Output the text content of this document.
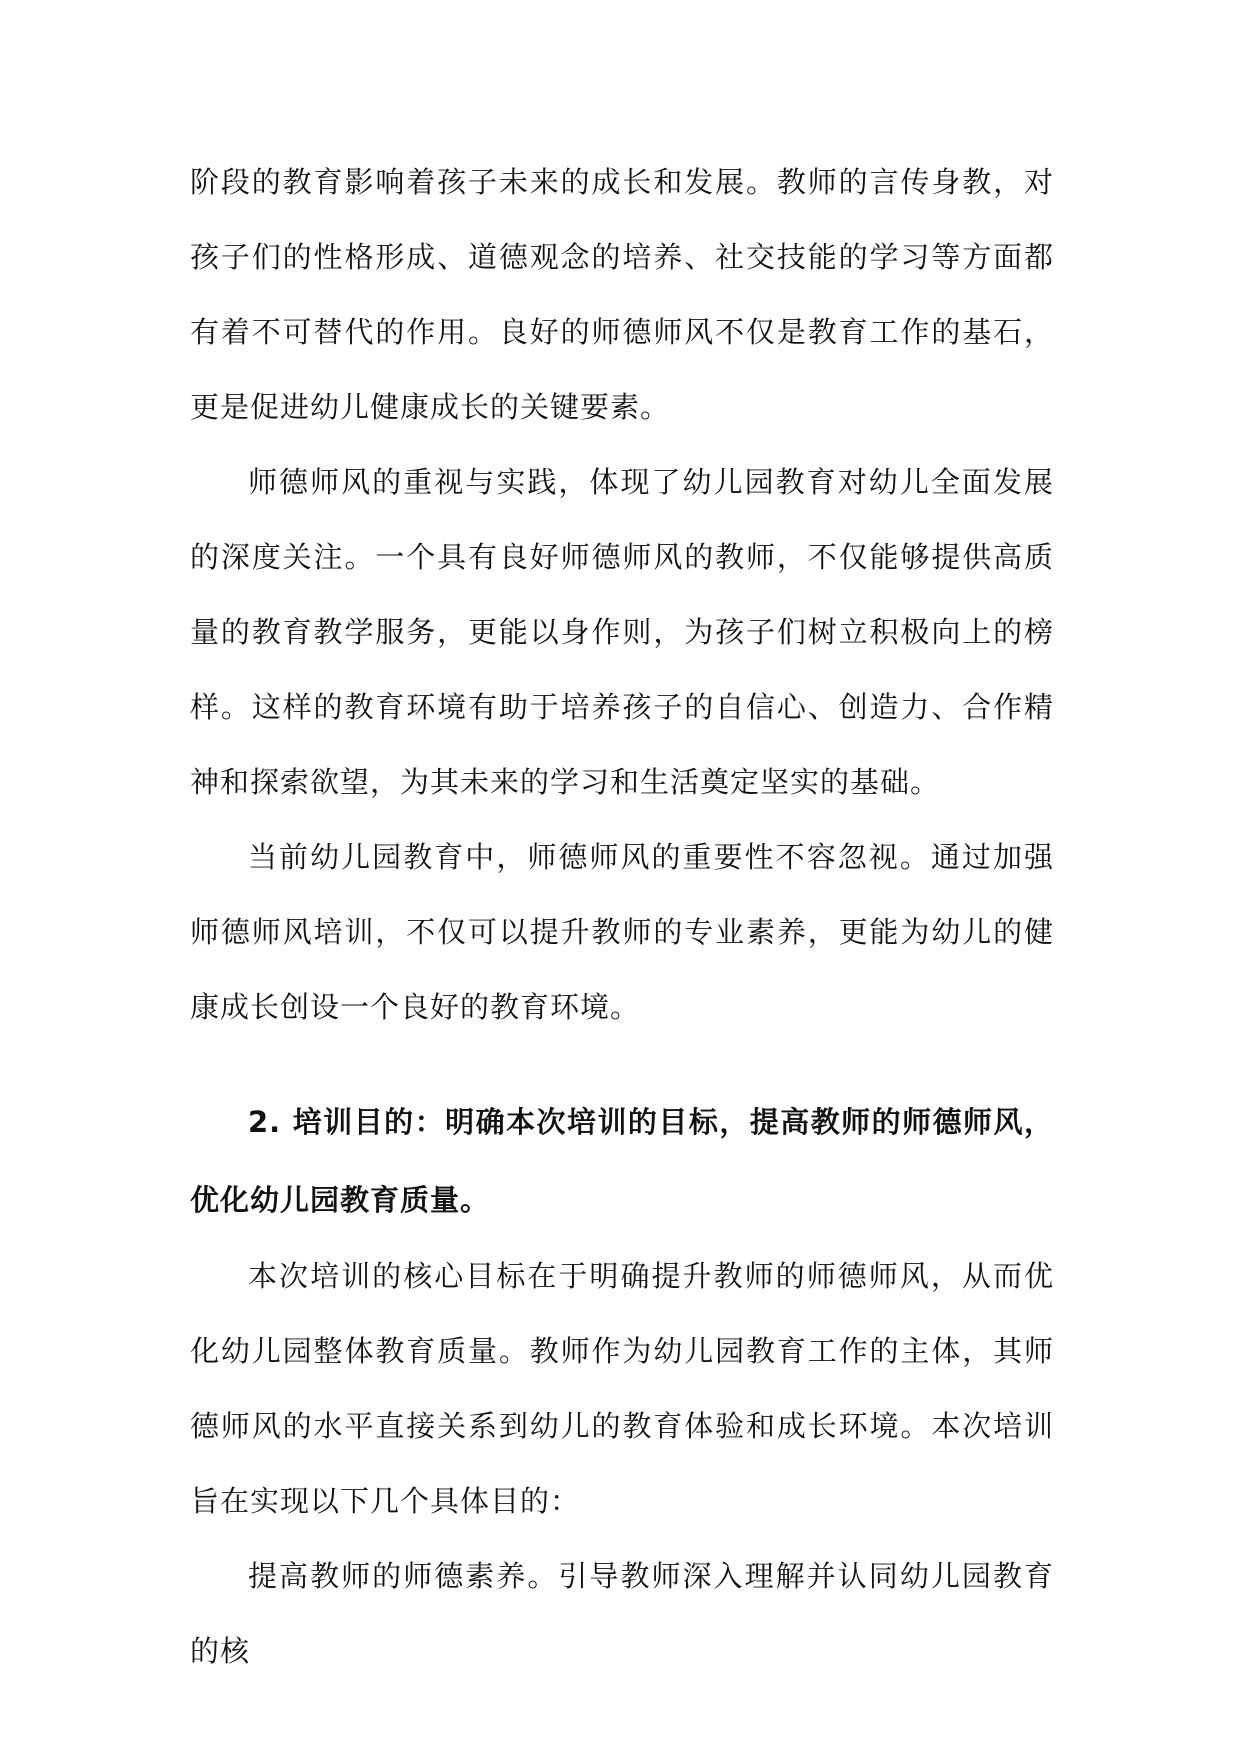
阶段的教育影响着孩子未来的成长和发展。教师的言传身教，对孩子们的性格形成、道德观念的培养、社交技能的学习等方面都有着不可替代的作用。良好的师德师风不仅是教育工作的基石，更是促进幼儿健康成长的关键要素。

师德师风的重视与实践，体现了幼儿园教育对幼儿全面发展的深度关注。一个具有良好师德师风的教师，不仅能够提供高质量的教育教学服务，更能以身作则，为孩子们树立积极向上的榜样。这样的教育环境有助于培养孩子的自信心、创造力、合作精神和探索欲望，为其未来的学习和生活奠定坚实的基础。

当前幼儿园教育中，师德师风的重要性不容忽视。通过加强师德师风培训，不仅可以提升教师的专业素养，更能为幼儿的健康成长创设一个良好的教育环境。

2. 培训目的：明确本次培训的目标，提高教师的师德师风，优化幼儿园教育质量。

本次培训的核心目标在于明确提升教师的师德师风，从而优化幼儿园整体教育质量。教师作为幼儿园教育工作的主体，其师德师风的水平直接关系到幼儿的教育体验和成长环境。本次培训旨在实现以下几个具体目的：

提高教师的师德素养。引导教师深入理解并认同幼儿园教育的核
